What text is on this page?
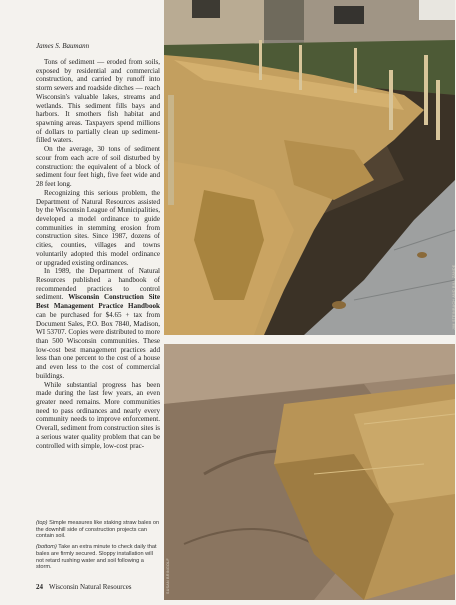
James S. Baumann

Tons of sediment — eroded from soils, exposed by residential and commercial construction, and carried by runoff into storm sewers and roadside ditches — reach Wisconsin's valuable lakes, streams and wetlands. This sediment fills bays and harbors. It smothers fish habitat and spawning areas. Taxpayers spend millions of dollars to partially clean up sediment-filled waters.

On the average, 30 tons of sediment scour from each acre of soil disturbed by construction: the equivalent of a block of sediment four feet high, five feet wide and 28 feet long.

Recognizing this serious problem, the Department of Natural Resources assisted by the Wisconsin League of Municipalities, developed a model ordinance to guide communities in stemming erosion from construction sites. Since 1987, dozens of cities, counties, villages and towns voluntarily adopted this model ordinance or upgraded existing ordinances.

In 1989, the Department of Natural Resources published a handbook of recommended practices to control sediment. Wisconsin Construction Site Best Management Practice Handbook can be purchased for $4.65 + tax from Document Sales, P.O. Box 7840, Madison, WI 53707. Copies were distributed to more than 500 Wisconsin communities. These low-cost best management practices add less than one percent to the cost of a house and even less to the cost of commercial buildings.

While substantial progress has been made during the last few years, an even greater need remains. More communities need to pass ordinances and nearly every community needs to improve enforcement. Overall, sediment from construction sites is a serious water quality problem that can be controlled with simple, low-cost prac-

(top) Simple measures like staking straw bales on the downhill side of construction projects can contain soil.

(bottom) Take an extra minute to check daily that bales are firmly secured. Sloppy installation will not retard rushing water and soil following a storm.

24 Wisconsin Natural Resources
JIM STEINBACH AND BILL ZANDE
SUSAN BRINGOLF
